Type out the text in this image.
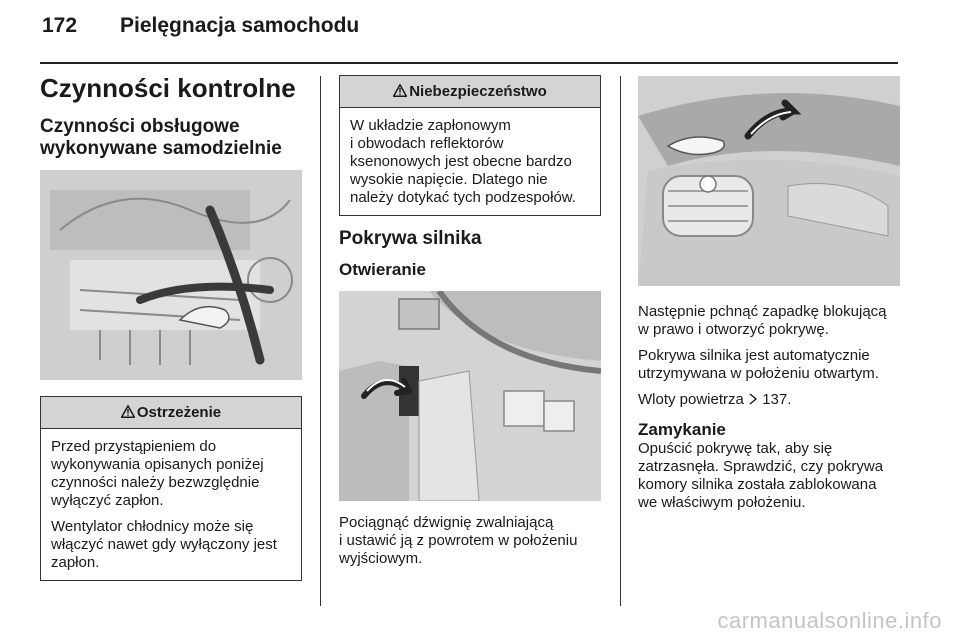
172 Pielęgnacja samochodu
Czynności kontrolne
Czynności obsługowe
wykonywane samodzielnie
Ostrzeżenie

Przed przystąpieniem do
wykonywania opisanych poniżej
czynności należy bezwzględnie
wyłączyć zapłon.

Wentylator chłodnicy może się
włączyć nawet gdy wyłączony jest
zapłon.

Niebezpieczeństwo

W układzie zapłonowym
i obwodach reflektorów
ksenonowych jest obecne bardzo
wysokie napięcie. Dlatego nie
należy dotykać tych podzespołów.

Pokrywa silnika
Otwieranie

Pociągnąć dźwignię zwalniającą
i ustawić ją z powrotem w położeniu
wyjściowym.

Następnie pchnąć zapadkę blokującą
w prawo i otworzyć pokrywę.

Pokrywa silnika jest automatycznie
utrzymywana w położeniu otwartym.

Wloty powietrza 137.

Zamykanie

Opuścić pokrywę tak, aby się
zatrzasnęła. Sprawdzić, czy pokrywa
komory silnika została zablokowana
we właściwym położeniu.

carmanualsonline.info
